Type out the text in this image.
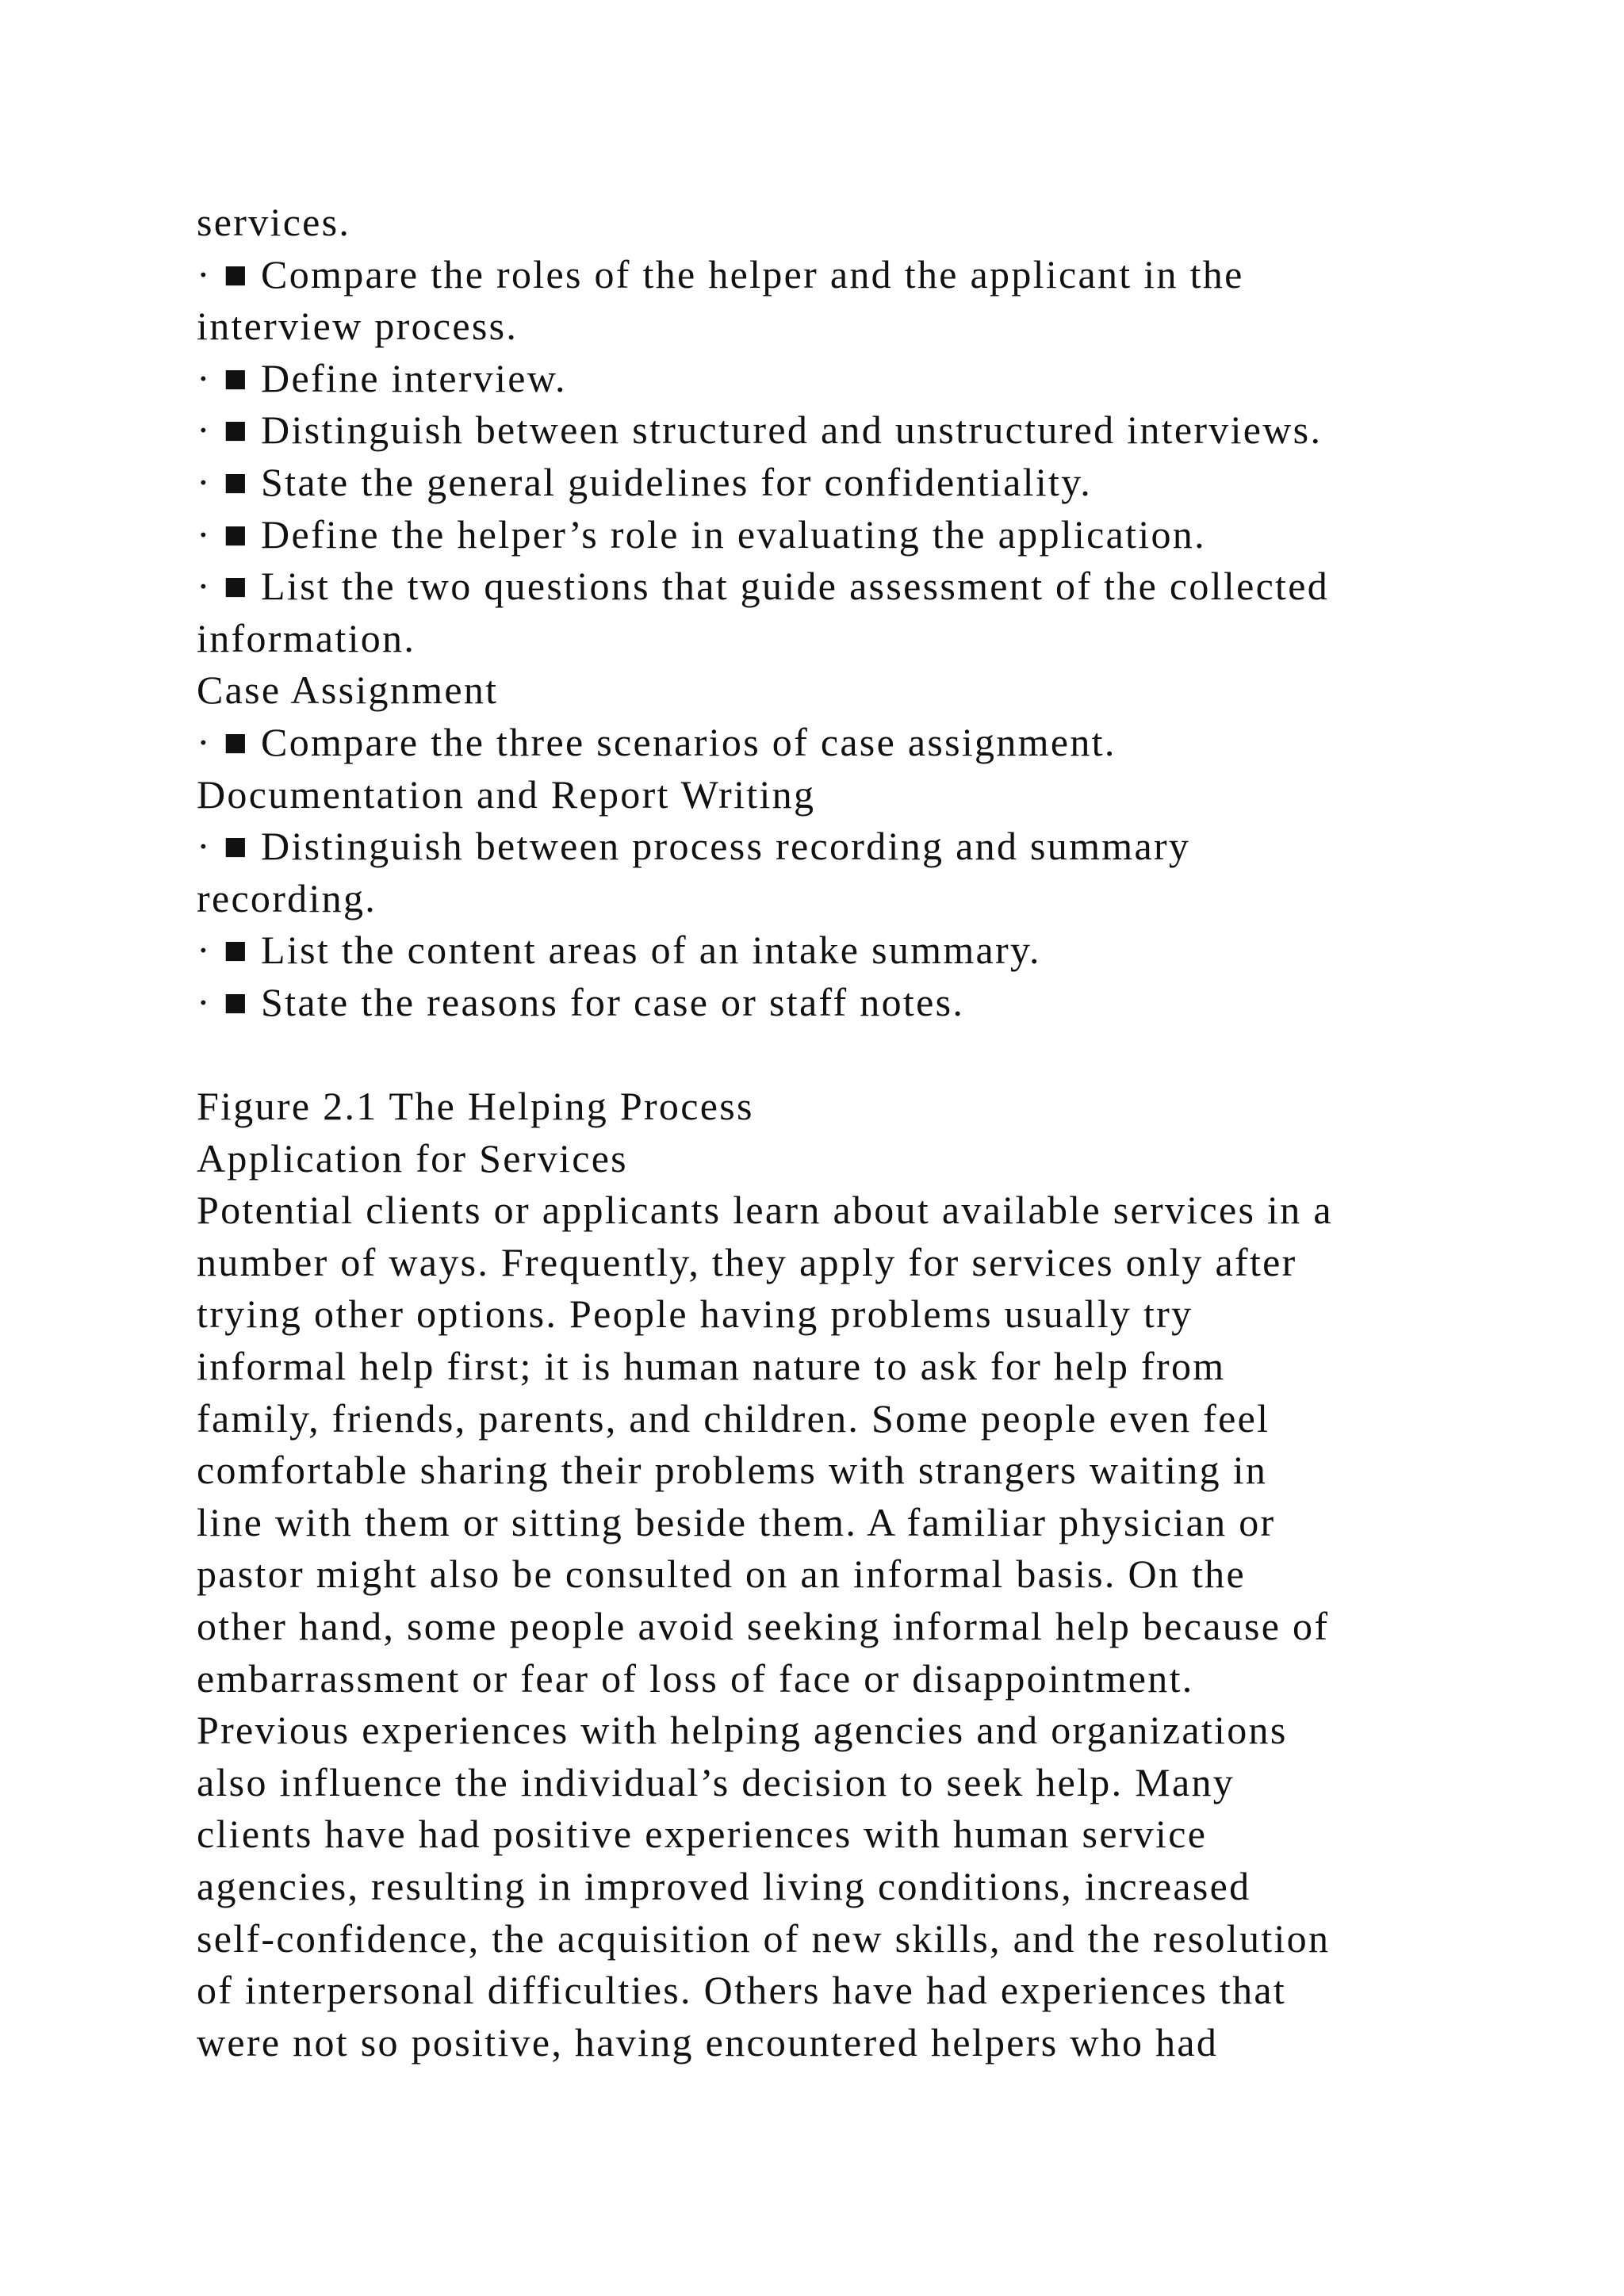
services.
· ■ Compare the roles of the helper and the applicant in the
interview process.
· ■ Define interview.
· ■ Distinguish between structured and unstructured interviews.
· ■ State the general guidelines for confidentiality.
· ■ Define the helper’s role in evaluating the application.
· ■ List the two questions that guide assessment of the collected
information.
Case Assignment
· ■ Compare the three scenarios of case assignment.
Documentation and Report Writing
· ■ Distinguish between process recording and summary
recording.
· ■ List the content areas of an intake summary.
· ■ State the reasons for case or staff notes.
Figure 2.1 The Helping Process
Application for Services
Potential clients or applicants learn about available services in a
number of ways. Frequently, they apply for services only after
trying other options. People having problems usually try
informal help first; it is human nature to ask for help from
family, friends, parents, and children. Some people even feel
comfortable sharing their problems with strangers waiting in
line with them or sitting beside them. A familiar physician or
pastor might also be consulted on an informal basis. On the
other hand, some people avoid seeking informal help because of
embarrassment or fear of loss of face or disappointment.
Previous experiences with helping agencies and organizations
also influence the individual’s decision to seek help. Many
clients have had positive experiences with human service
agencies, resulting in improved living conditions, increased
self-confidence, the acquisition of new skills, and the resolution
of interpersonal difficulties. Others have had experiences that
were not so positive, having encountered helpers who had
